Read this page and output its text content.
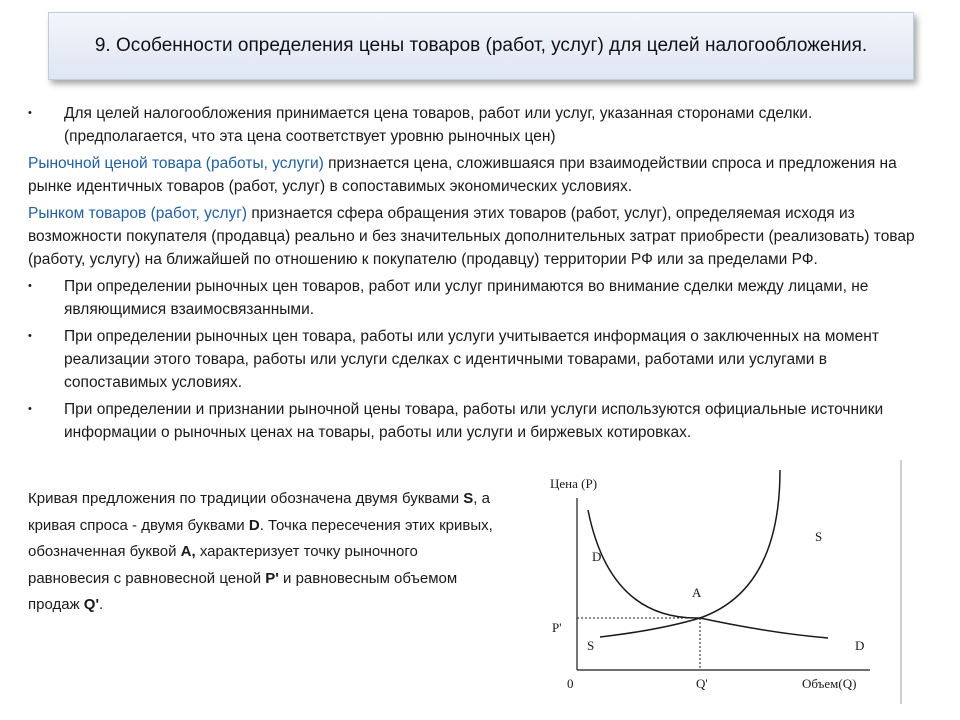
9. Особенности определения цены товаров (работ, услуг) для целей налогообложения.
•	Для целей налогообложения принимается цена товаров, работ или услуг, указанная сторонами сделки.
(предполагается, что эта цена соответствует уровню рыночных цен)

Рыночной ценой товара (работы, услуги) признается цена, сложившаяся при взаимодействии спроса и предложения на рынке идентичных товаров (работ, услуг) в сопоставимых экономических условиях.

Рынком товаров (работ, услуг) признается сфера обращения этих товаров (работ, услуг), определяемая исходя из возможности покупателя (продавца) реально и без значительных дополнительных затрат приобрести (реализовать) товар (работу, услугу) на ближайшей по отношению к покупателю (продавцу) территории РФ или за пределами РФ.

•	При определении рыночных цен товаров, работ или услуг принимаются во внимание сделки между лицами, не являющимися взаимосвязанными.
•	При определении рыночных цен товара, работы или услуги учитывается информация о заключенных на момент реализации этого товара, работы или услуги сделках с идентичными товарами, работами или услугами в сопоставимых условиях.
•	При определении и признании рыночной цены товара, работы или услуги используются официальные источники информации о рыночных ценах на товары, работы или услуги и биржевых котировках.
Кривая предложения по традиции обозначена двумя буквами S, а кривая спроса - двумя буквами D. Точка пересечения этих кривых, обозначенная буквой А, характеризует точку рыночного равновесия с равновесной ценой P' и равновесным объемом продаж Q'.
Цена (P)
Объем(Q)
0
P'
Q'
A
S
S
D
D
